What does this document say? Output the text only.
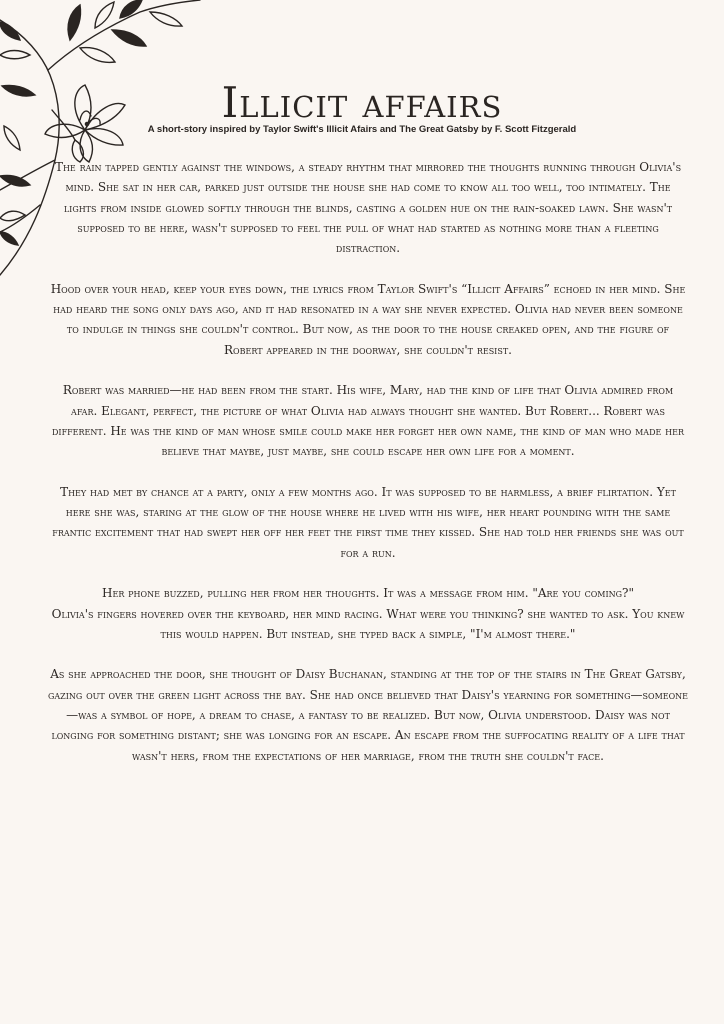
Illicit affairs

A short-story inspired by Taylor Swift's Illicit Afairs and The Great Gatsby by F. Scott Fitzgerald

The rain tapped gently against the windows, a steady rhythm that mirrored the thoughts running through Olivia's mind. She sat in her car, parked just outside the house she had come to know all too well, too intimately. The lights from inside glowed softly through the blinds, casting a golden hue on the rain-soaked lawn. She wasn't supposed to be here, wasn't supposed to feel the pull of what had started as nothing more than a fleeting distraction.

Hood over your head, keep your eyes down, the lyrics from Taylor Swift's “Illicit Affairs” echoed in her mind. She had heard the song only days ago, and it had resonated in a way she never expected. Olivia had never been someone to indulge in things she couldn't control. But now, as the door to the house creaked open, and the figure of Robert appeared in the doorway, she couldn't resist.

Robert was married—he had been from the start. His wife, Mary, had the kind of life that Olivia admired from afar. Elegant, perfect, the picture of what Olivia had always thought she wanted. But Robert... Robert was different. He was the kind of man whose smile could make her forget her own name, the kind of man who made her believe that maybe, just maybe, she could escape her own life for a moment.

They had met by chance at a party, only a few months ago. It was supposed to be harmless, a brief flirtation. Yet here she was, staring at the glow of the house where he lived with his wife, her heart pounding with the same frantic excitement that had swept her off her feet the first time they kissed. She had told her friends she was out for a run.

Her phone buzzed, pulling her from her thoughts. It was a message from him. "Are you coming?"
Olivia's fingers hovered over the keyboard, her mind racing. What were you thinking? she wanted to ask. You knew this would happen. But instead, she typed back a simple, "I'm almost there."

As she approached the door, she thought of Daisy Buchanan, standing at the top of the stairs in The Great Gatsby, gazing out over the green light across the bay. She had once believed that Daisy's yearning for something—someone—was a symbol of hope, a dream to chase, a fantasy to be realized. But now, Olivia understood. Daisy was not longing for something distant; she was longing for an escape. An escape from the suffocating reality of a life that wasn't hers, from the expectations of her marriage, from the truth she couldn't face.
